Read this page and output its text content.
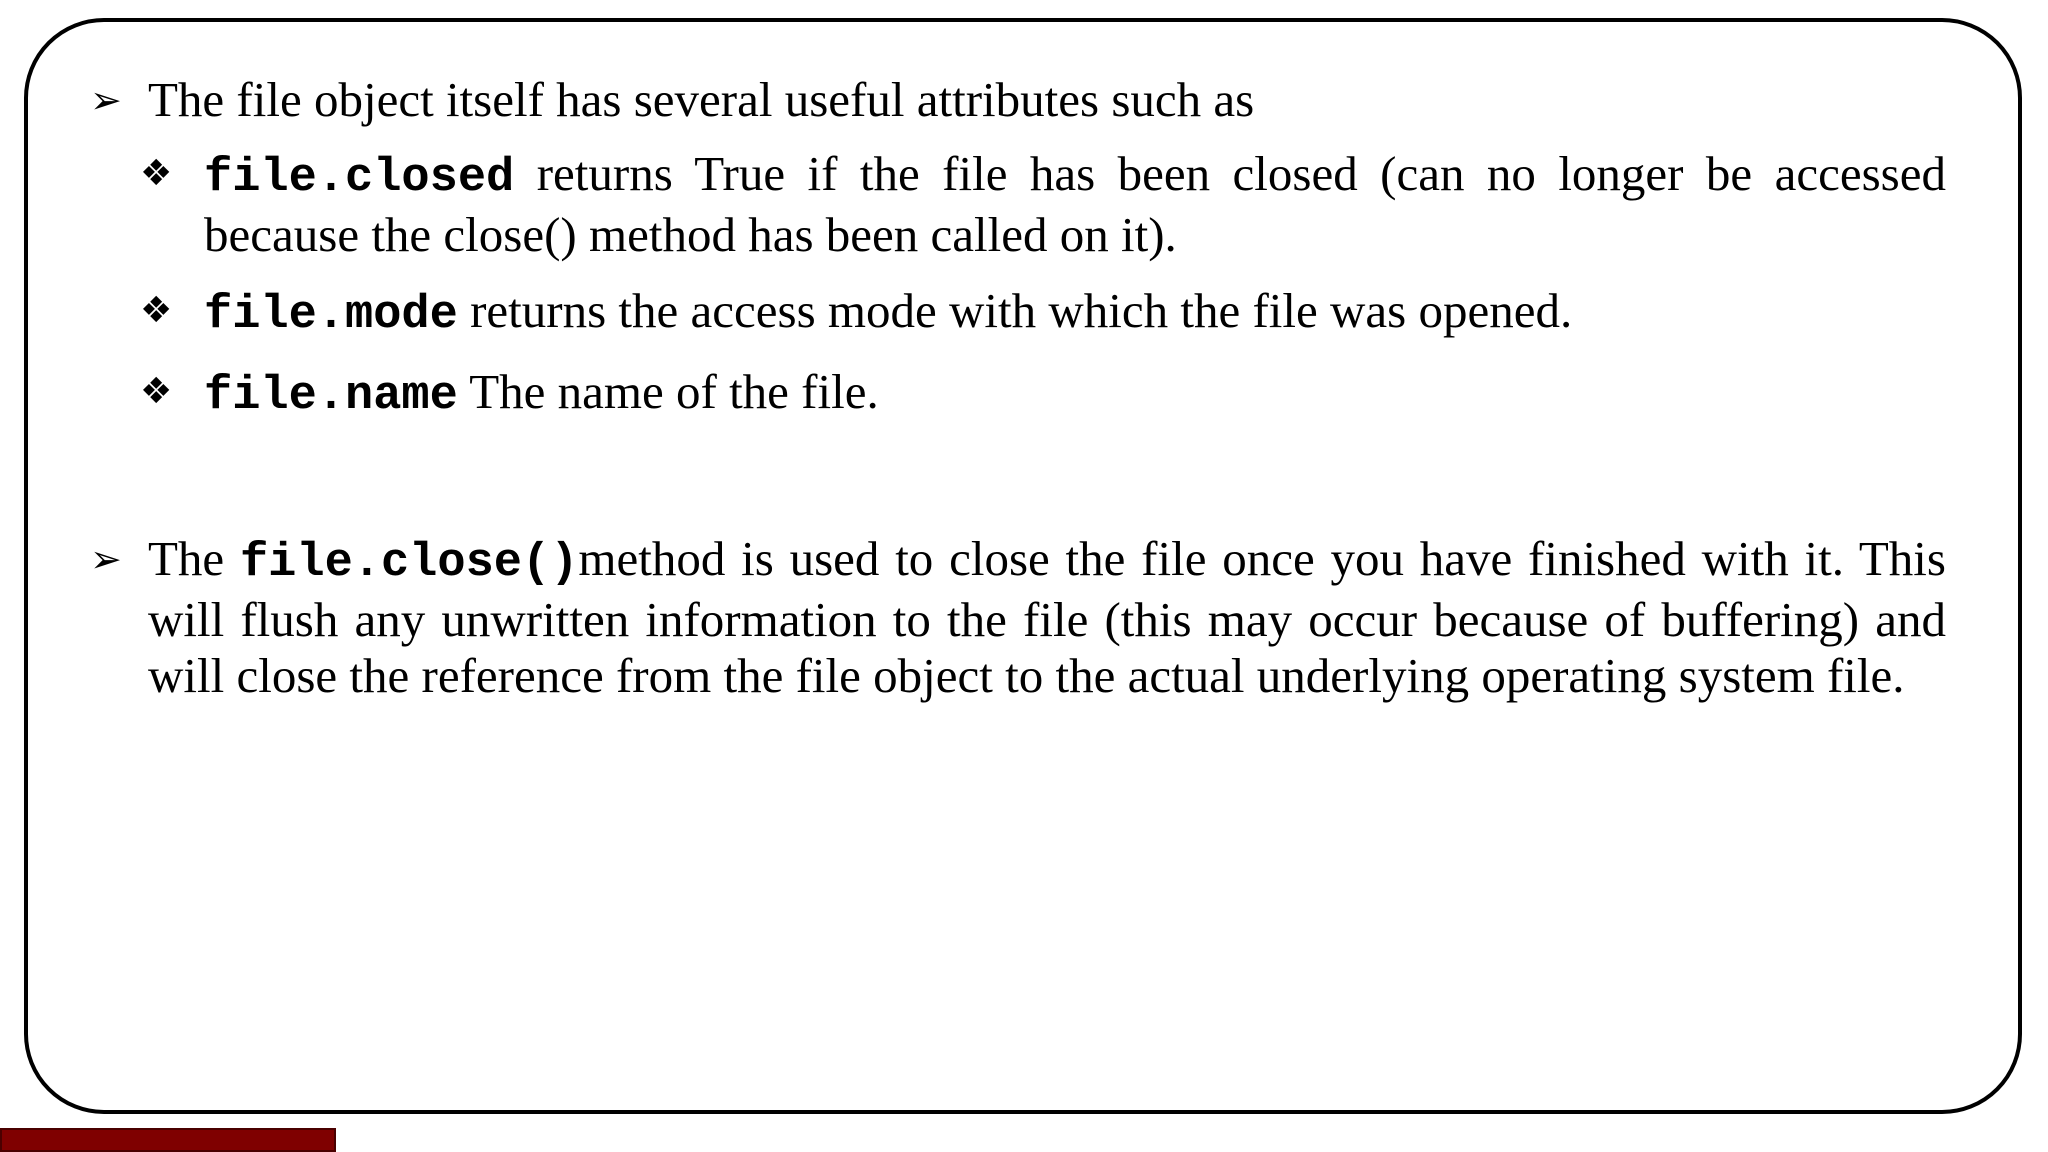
➢ The file object itself has several useful attributes such as
❖ file.closed returns True if the file has been closed (can no longer be accessed because the close() method has been called on it).
❖ file.mode returns the access mode with which the file was opened.
❖ file.name The name of the file.
➢ The file.close()method is used to close the file once you have finished with it. This will flush any unwritten information to the file (this may occur because of buffering) and will close the reference from the file object to the actual underlying operating system file.
